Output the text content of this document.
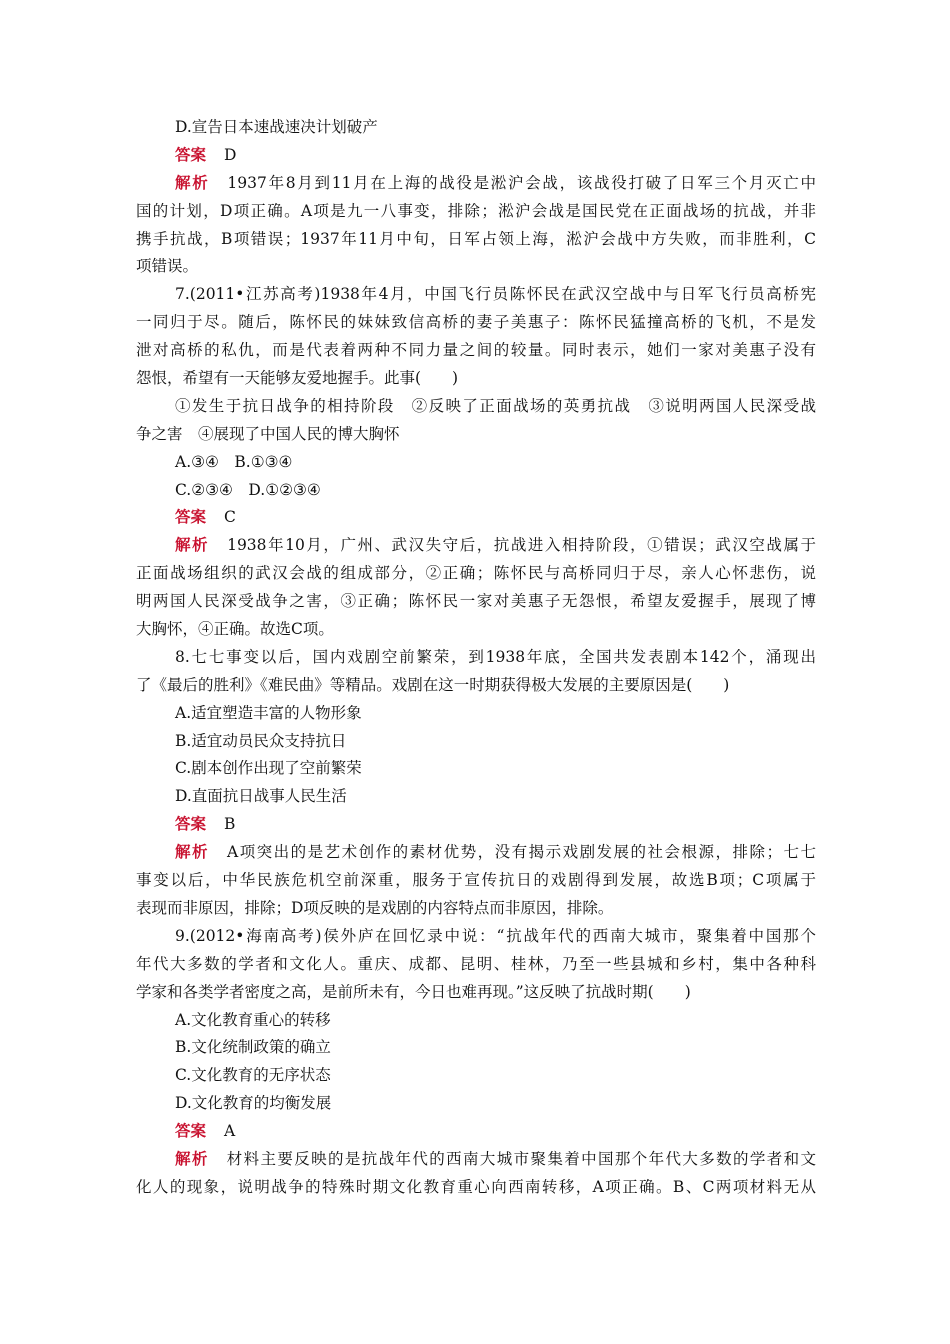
D.宣告日本速战速决计划破产
答案 D
解析 1937年8月到11月在上海的战役是淞沪会战，该战役打破了日军三个月灭亡中
国的计划，D项正确。A项是九一八事变，排除；淞沪会战是国民党在正面战场的抗战，并非
携手抗战，B项错误；1937年11月中旬，日军占领上海，淞沪会战中方失败，而非胜利，C
项错误。
7.(2011•江苏高考)1938年4月，中国飞行员陈怀民在武汉空战中与日军飞行员高桥宪
一同归于尽。随后，陈怀民的妹妹致信高桥的妻子美惠子：陈怀民猛撞高桥的飞机，不是发
泄对高桥的私仇，而是代表着两种不同力量之间的较量。同时表示，她们一家对美惠子没有
怨恨，希望有一天能够友爱地握手。此事(　　)
①发生于抗日战争的相持阶段　②反映了正面战场的英勇抗战　③说明两国人民深受战
争之害　④展现了中国人民的博大胸怀
A.③④　B.①③④
C.②③④　D.①②③④
答案 C
解析 1938年10月，广州、武汉失守后，抗战进入相持阶段，①错误；武汉空战属于
正面战场组织的武汉会战的组成部分，②正确；陈怀民与高桥同归于尽，亲人心怀悲伤，说
明两国人民深受战争之害，③正确；陈怀民一家对美惠子无怨恨，希望友爱握手，展现了博
大胸怀，④正确。故选C项。
8.七七事变以后，国内戏剧空前繁荣，到1938年底，全国共发表剧本142个，涌现出
了《最后的胜利》《难民曲》等精品。戏剧在这一时期获得极大发展的主要原因是(　　)
A.适宜塑造丰富的人物形象
B.适宜动员民众支持抗日
C.剧本创作出现了空前繁荣
D.直面抗日战事人民生活
答案 B
解析 A项突出的是艺术创作的素材优势，没有揭示戏剧发展的社会根源，排除；七七
事变以后，中华民族危机空前深重，服务于宣传抗日的戏剧得到发展，故选B项；C项属于
表现而非原因，排除；D项反映的是戏剧的内容特点而非原因，排除。
9.(2012•海南高考)侯外庐在回忆录中说：“抗战年代的西南大城市，聚集着中国那个
年代大多数的学者和文化人。重庆、成都、昆明、桂林，乃至一些县城和乡村，集中各种科
学家和各类学者密度之高，是前所未有，今日也难再现。”这反映了抗战时期(　　)
A.文化教育重心的转移
B.文化统制政策的确立
C.文化教育的无序状态
D.文化教育的均衡发展
答案 A
解析 材料主要反映的是抗战年代的西南大城市聚集着中国那个年代大多数的学者和文
化人的现象，说明战争的特殊时期文化教育重心向西南转移，A项正确。B、C两项材料无从
